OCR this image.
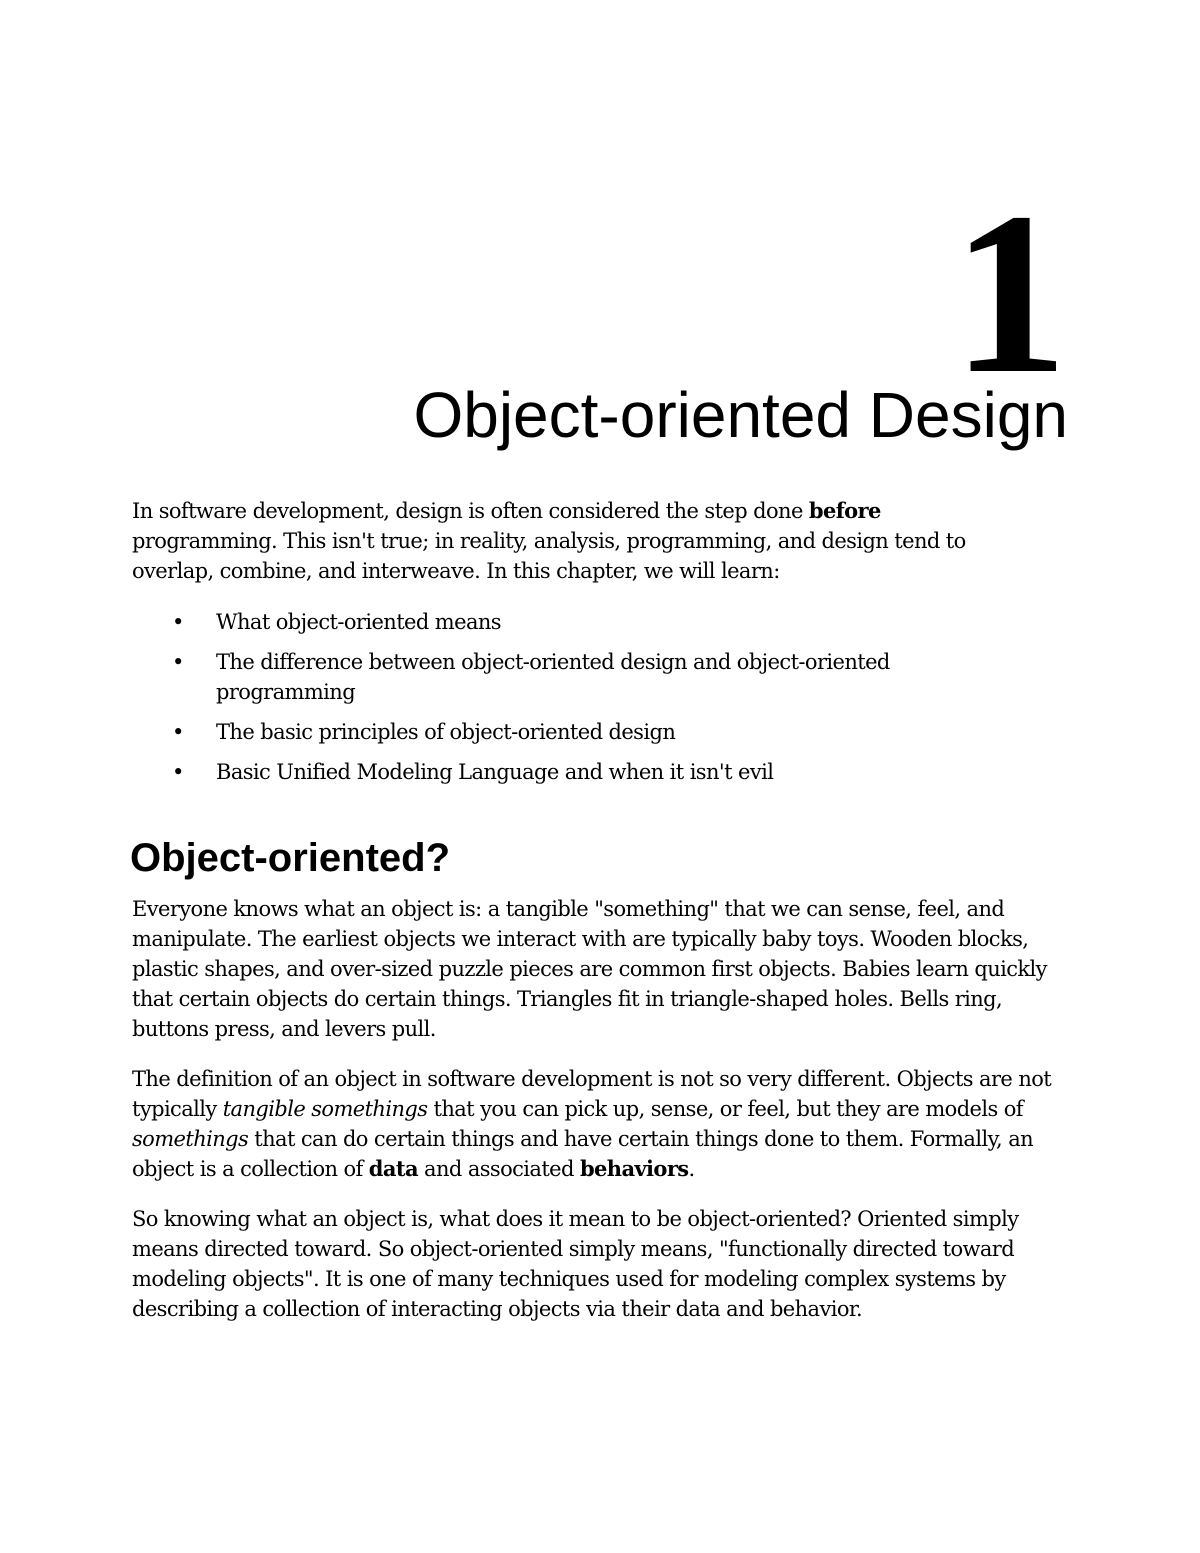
1
Object-oriented Design

In software development, design is often considered the step done before programming. This isn't true; in reality, analysis, programming, and design tend to overlap, combine, and interweave. In this chapter, we will learn:

•	What object-oriented means
•	The difference between object-oriented design and object-oriented programming
•	The basic principles of object-oriented design
•	Basic Unified Modeling Language and when it isn't evil
Object-oriented?

Everyone knows what an object is: a tangible "something" that we can sense, feel, and manipulate. The earliest objects we interact with are typically baby toys. Wooden blocks, plastic shapes, and over-sized puzzle pieces are common first objects. Babies learn quickly that certain objects do certain things. Triangles fit in triangle-shaped holes. Bells ring, buttons press, and levers pull.

The definition of an object in software development is not so very different. Objects are not typically tangible somethings that you can pick up, sense, or feel, but they are models of somethings that can do certain things and have certain things done to them. Formally, an object is a collection of data and associated behaviors.

So knowing what an object is, what does it mean to be object-oriented? Oriented simply means directed toward. So object-oriented simply means, "functionally directed toward modeling objects". It is one of many techniques used for modeling complex systems by describing a collection of interacting objects via their data and behavior.
